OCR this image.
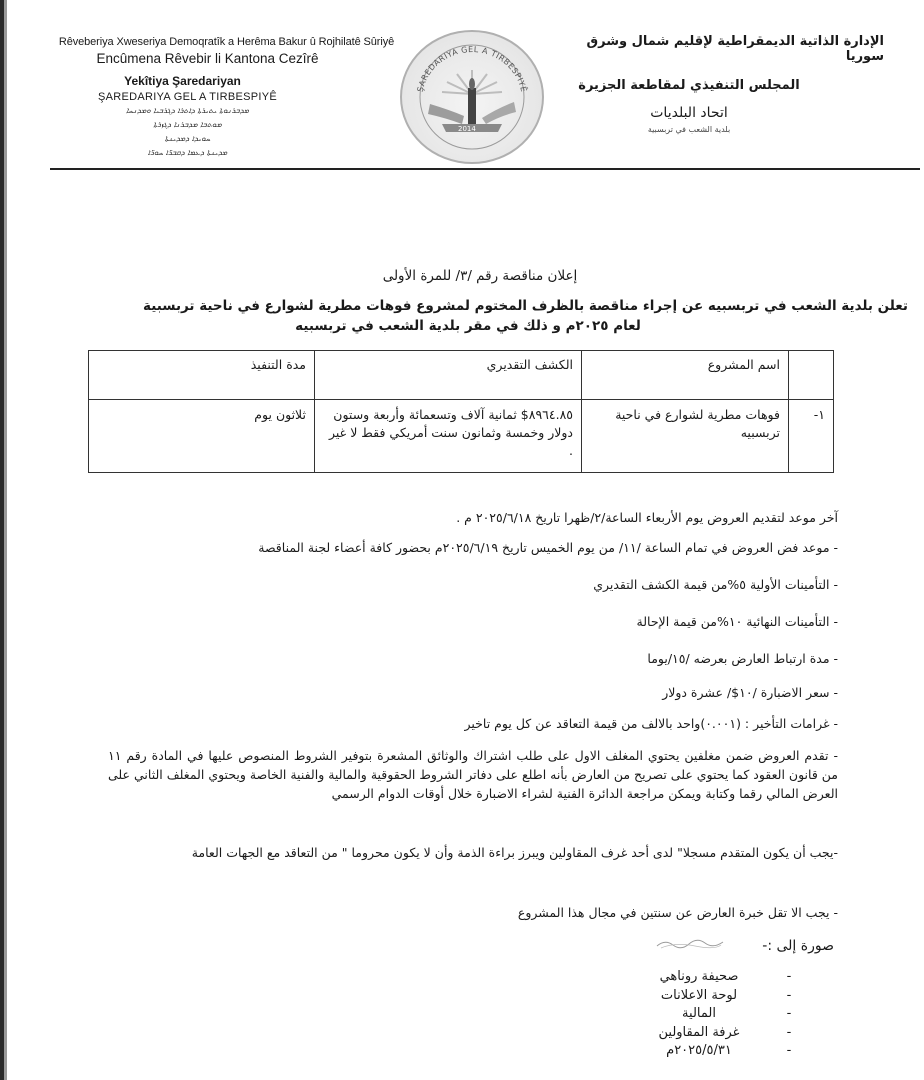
Rêveberiya Xweseriya Demoqratîk a Herêma Bakur û Rojhilatê Sûriyê
Encûmena Rêvebir li Kantona Cezîrê
Yekîtiya Şaredariyan
ŞAREDARIYA GEL A TIRBESPIYÊ
ܡܕܒܪܢܘܬܐ ܝܬܝܪܬܐ ܕܐܬܪܐ ܕܓܪܒܝܐ ܘܡܕܢܚܐ
ܡܘܬܒܐ ܡܕܒܪܢܐ ܕܓܙܪܬܐ
ܚܘܝܕܐ ܕܡܕܝܢܬܐ
ܡܕܝܢܬܐ ܕܥܡܐ ܕܩܒܪ̈ܐ ܚܘܪ̈ܐ
ŞAREDARIYA GEL A TIRBESPIYÊ
2014
الإدارة الذاتية الديمقراطية لإقليم شمال وشرق سوريا
المجلس التنفيذي لمقاطعة الجزيرة
اتحاد البلديات
بلدية الشعب في تربسبية
إعلان مناقصة رقم /٣/ للمرة الأولى
تعلن بلدية الشعب في تربسبيه عن إجراء مناقصة بالظرف المختوم لمشروع فوهات مطرية لشوارع في ناحية تربسبية
لعام ٢٠٢٥م و ذلك في مقر بلدية الشعب في تربسبيه
	اسم المشروع	الكشف التقديري	مدة التنفيذ
١-	فوهات مطرية لشوارع في ناحية تربسبيه	٨٩٦٤.٨٥$ ثمانية آلاف وتسعمائة وأربعة وستون دولار وخمسة وثمانون سنت أمريكي فقط لا غير .	ثلاثون يوم
آخر موعد لتقديم العروض يوم الأربعاء الساعة/٢/ظهرا تاريخ ٢٠٢٥/٦/١٨ م .
- موعد فض العروض في تمام الساعة /١١/ من يوم الخميس تاريخ ٢٠٢٥/٦/١٩م بحضور كافة أعضاء لجنة المناقصة
- التأمينات الأولية ٥%من قيمة الكشف التقديري
- التأمينات النهائية ١٠%من قيمة الإحالة
- مدة ارتباط العارض بعرضه /١٥/يوما
- سعر الاضبارة /١٠$/ عشرة دولار
- غرامات التأخير : (٠.٠٠١)واحد بالالف من قيمة التعاقد عن كل يوم تاخير
- تقدم العروض ضمن مغلفين يحتوي المغلف الاول على طلب اشتراك والوثائق المشعرة بتوفير الشروط المنصوص عليها في المادة رقم ١١ من قانون العقود كما يحتوي على تصريح من العارض بأنه اطلع على دفاتر الشروط الحقوقية والمالية والفنية الخاصة ويحتوي المغلف الثاني على العرض المالي رقما وكتابة ويمكن مراجعة الدائرة الفنية لشراء الاضبارة خلال أوقات الدوام الرسمي
-يجب أن يكون المتقدم مسجلا" لدى أحد غرف المقاولين ويبرز براءة الذمة وأن لا يكون محروما " من التعاقد مع الجهات العامة
- يجب الا تقل خبرة العارض عن سنتين في مجال هذا المشروع
صورة إلى :-
-
صحيفة روناهي
-
لوحة الاعلانات
-
المالية
-
غرفة المقاولين
-
٢٠٢٥/٥/٣١م
